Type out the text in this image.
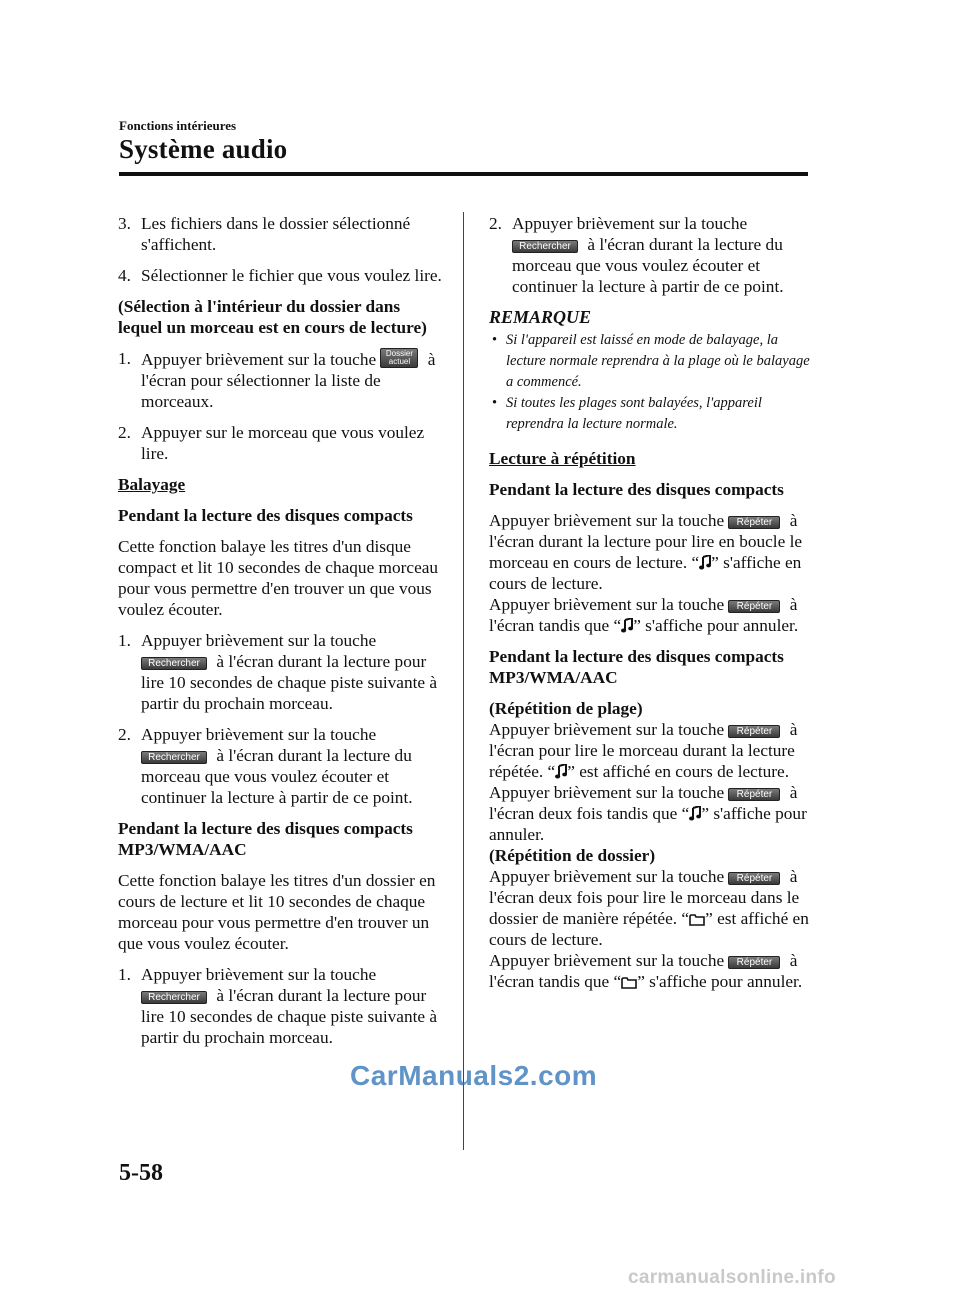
Fonctions intérieures
Système audio
3. Les fichiers dans le dossier sélectionné s'affichent.
4. Sélectionner le fichier que vous voulez lire.
(Sélection à l'intérieur du dossier dans lequel un morceau est en cours de lecture)
1. Appuyer brièvement sur la touche Dossier
actuel à l'écran pour sélectionner la liste de morceaux.
2. Appuyer sur le morceau que vous voulez lire.
Balayage
Pendant la lecture des disques compacts
Cette fonction balaye les titres d'un disque compact et lit 10 secondes de chaque morceau pour vous permettre d'en trouver un que vous voulez écouter.
1. Appuyer brièvement sur la touche Rechercher à l'écran durant la lecture pour lire 10 secondes de chaque piste suivante à partir du prochain morceau.
2. Appuyer brièvement sur la touche Rechercher à l'écran durant la lecture du morceau que vous voulez écouter et continuer la lecture à partir de ce point.
Pendant la lecture des disques compacts MP3/WMA/AAC
Cette fonction balaye les titres d'un dossier en cours de lecture et lit 10 secondes de chaque morceau pour vous permettre d'en trouver un que vous voulez écouter.
1. Appuyer brièvement sur la touche Rechercher à l'écran durant la lecture pour lire 10 secondes de chaque piste suivante à partir du prochain morceau.
2. Appuyer brièvement sur la touche Rechercher à l'écran durant la lecture du morceau que vous voulez écouter et continuer la lecture à partir de ce point.
REMARQUE
• Si l'appareil est laissé en mode de balayage, la lecture normale reprendra à la plage où le balayage a commencé.
• Si toutes les plages sont balayées, l'appareil reprendra la lecture normale.
Lecture à répétition
Pendant la lecture des disques compacts
Appuyer brièvement sur la touche Répéter à l'écran durant la lecture pour lire en boucle le morceau en cours de lecture. “ ” s'affiche en cours de lecture.
Appuyer brièvement sur la touche Répéter à l'écran tandis que “ ” s'affiche pour annuler.
Pendant la lecture des disques compacts MP3/WMA/AAC
(Répétition de plage)
Appuyer brièvement sur la touche Répéter à l'écran pour lire le morceau durant la lecture répétée. “ ” est affiché en cours de lecture.
Appuyer brièvement sur la touche Répéter à l'écran deux fois tandis que “ ” s'affiche pour annuler.
(Répétition de dossier)
Appuyer brièvement sur la touche Répéter à l'écran deux fois pour lire le morceau dans le dossier de manière répétée. “ ” est affiché en cours de lecture.
Appuyer brièvement sur la touche Répéter à l'écran tandis que “ ” s'affiche pour annuler.
5-58
CarManuals2.com
carmanualsonline.info
